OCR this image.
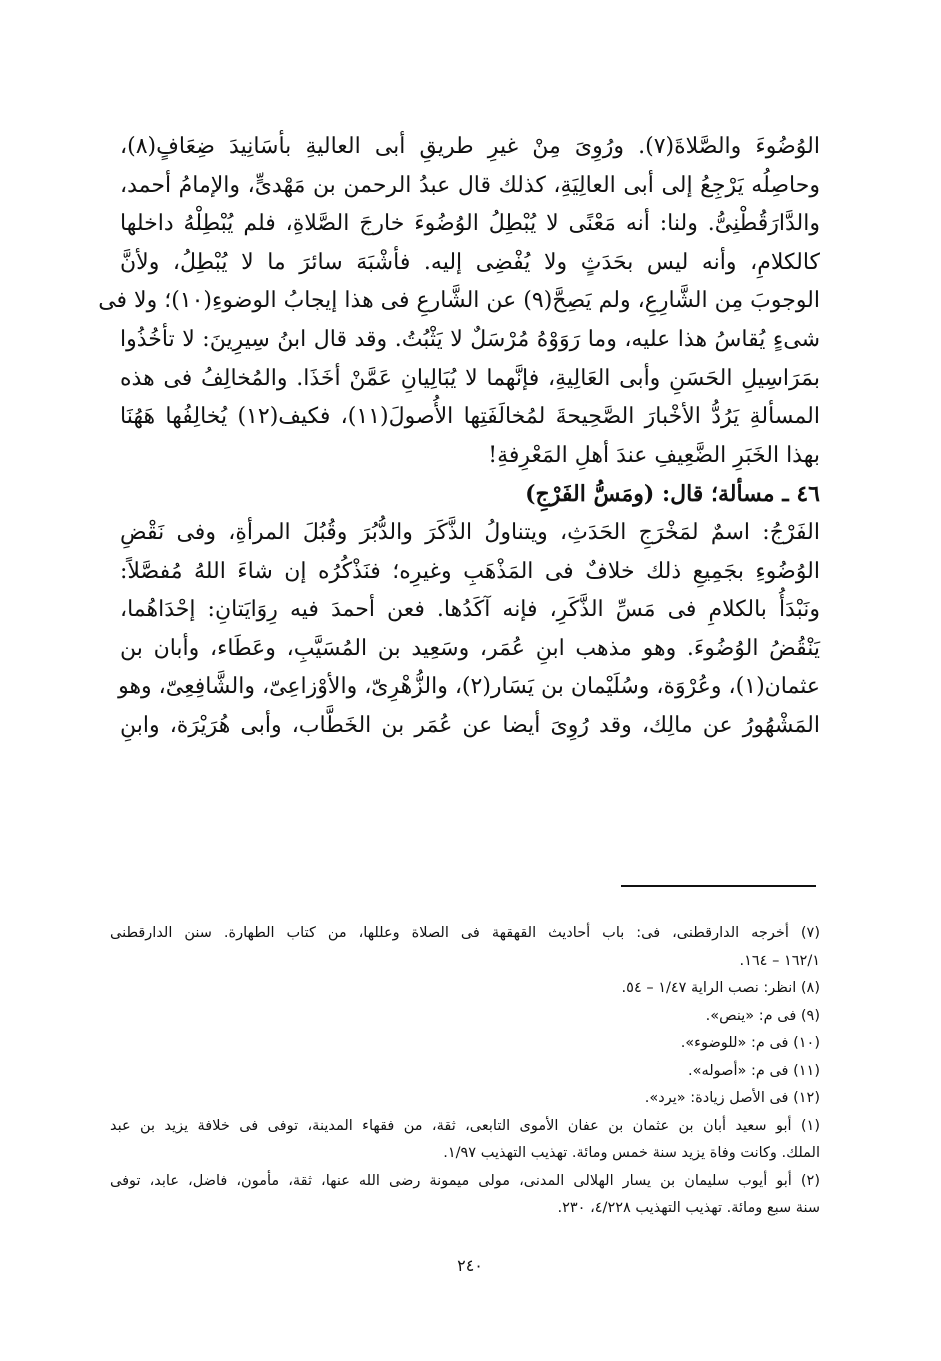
الوُضُوءَ والصَّلاةَ(٧). ورُوِىَ مِنْ غيرِ طريقِ أبى العاليةِ بأسَانِيدَ ضِعَافٍ(٨)،
وحاصِلُه يَرْجِعُ إلى أبى العالِيَةِ، كذلك قال عبدُ الرحمن بن مَهْدىٍّ، والإمامُ أحمد،
والدَّارَقُطْنِىُّ. ولنا: أنه مَعْنًى لا يُبْطِلُ الوُضُوءَ خارجَ الصَّلاةِ، فلم يُبْطِلْهُ داخلها
كالكلامِ، وأنه ليس بحَدَثٍ ولا يُفْضِى إليه. فأشْبَهَ سائرَ ما لا يُبْطِلُ، ولأنَّ
الوجوبَ مِن الشَّارِعِ، ولم يَصِحَّ(٩) عن الشَّارعِ فى هذا إيجابُ الوضوءِ(١٠)؛ ولا فى
شىءٍ يُقاسُ هذا عليه، وما رَوَوْهُ مُرْسَلٌ لا يَثْبُتُ. وقد قال ابنُ سِيرِينَ: لا تأخُذُوا
بمَرَاسِيلِ الحَسَنِ وأبى العَالِيةِ، فإنَّهما لا يُبَالِيانِ عَمَّنْ أخَذَا. والمُخالِفُ فى هذه
المسألةِ يَرُدُّ الأخْبارَ الصَّحِيحةَ لمُخالَفَتِها الأُصولَ(١١)، فكيف(١٢) يُخالِفُها هَهُنَا
بهذا الخَبَرِ الضَّعِيفِ عندَ أهلِ المَعْرِفةِ!
٤٦ ـ مسألة؛ قال: (ومَسُّ الفَرْجِ)
الفَرْجُ: اسمٌ لمَخْرَجِ الحَدَثِ، ويتناولُ الذَّكَرَ والدُّبُرَ وقُبُلَ المرأةِ، وفى نَقْضِ
الوُضُوءِ بجَمِيعِ ذلك خلافٌ فى المَذْهَبِ وغيرِه؛ فنَذْكُرُه إن شاءَ اللهُ مُفصَّلاً:
ونَبْدَأُ بالكلامِ فى مَسِّ الذَّكَرِ، فإنه آكَدُها. فعن أحمدَ فيه رِوَايَتانِ: إحْدَاهُما،
يَنْقُضُ الوُضُوءَ. وهو مذهب ابنِ عُمَر، وسَعِيد بن المُسَيَّبِ، وعَطَاء، وأبان بن
عثمان(١)، وعُرْوَة، وسُلَيْمان بن يَسَار(٢)، والزُّهْرِىّ، والأوْزاعِىّ، والشَّافِعِىّ، وهو
المَشْهُورُ عن مالِك، وقد رُوِىَ أيضا عن عُمَر بن الخَطَّاب، وأبى هُرَيْرَة، وابنِ
(٧) أخرجه الدارقطنى، فى: باب أحاديث القهقهة فى الصلاة وعللها، من كتاب الطهارة. سنن الدارقطنى
١٦٢/١ – ١٦٤.
(٨) انظر: نصب الراية ١/٤٧ – ٥٤.
(٩) فى م: «ينص».
(١٠) فى م: «للوضوء».
(١١) فى م: «أصوله».
(١٢) فى الأصل زيادة: «يرد».
(١) أبو سعيد أبان بن عثمان بن عفان الأموى التابعى، ثقة، من فقهاء المدينة، توفى فى خلافة يزيد بن عبد
الملك. وكانت وفاة يزيد سنة خمس ومائة. تهذيب التهذيب ١/٩٧.
(٢) أبو أيوب سليمان بن يسار الهلالى المدنى، مولى ميمونة رضى الله عنها، ثقة، مأمون، فاضل، عابد، توفى
سنة سبع ومائة. تهذيب التهذيب ٤/٢٢٨، ٢٣٠.
٢٤٠
